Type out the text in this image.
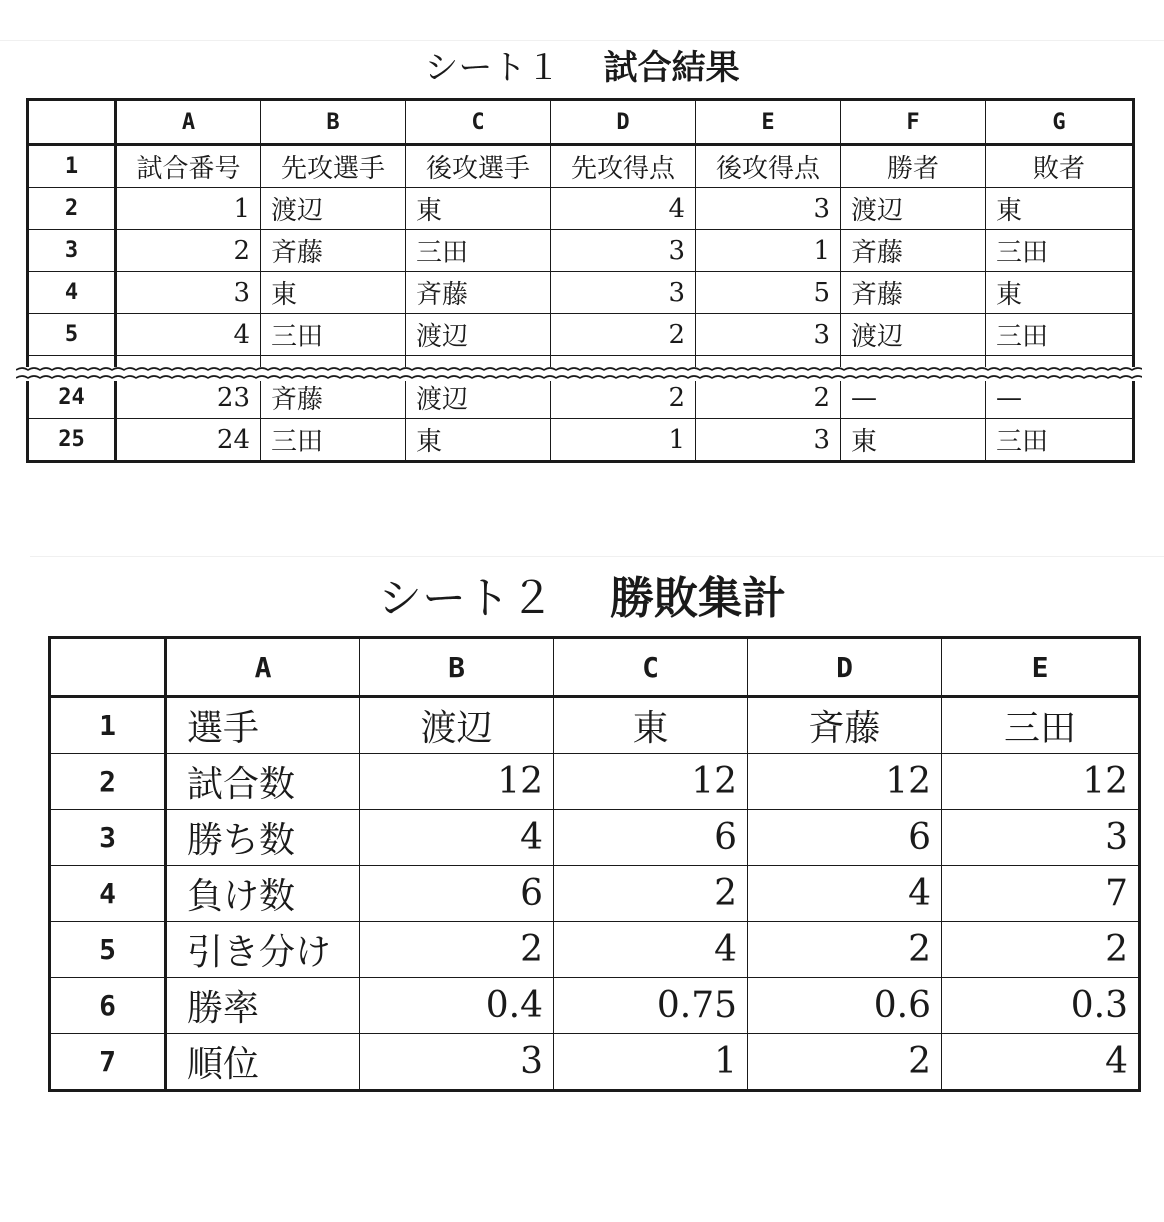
シート１ 試合結果
	A	B	C	D	E	F	G
1	試合番号	先攻選手	後攻選手	先攻得点	後攻得点	勝者	敗者
2	1	渡辺	東	4	3	渡辺	東
3	2	斉藤	三田	3	1	斉藤	三田
4	3	東	斉藤	3	5	斉藤	東
5	4	三田	渡辺	2	3	渡辺	三田

24	23	斉藤	渡辺	2	2	—	—
25	24	三田	東	1	3	東	三田
シート２ 勝敗集計
	A	B	C	D	E
1	選手	渡辺	東	斉藤	三田
2	試合数	12	12	12	12
3	勝ち数	4	6	6	3
4	負け数	6	2	4	7
5	引き分け	2	4	2	2
6	勝率	0.4	0.75	0.6	0.3
7	順位	3	1	2	4
